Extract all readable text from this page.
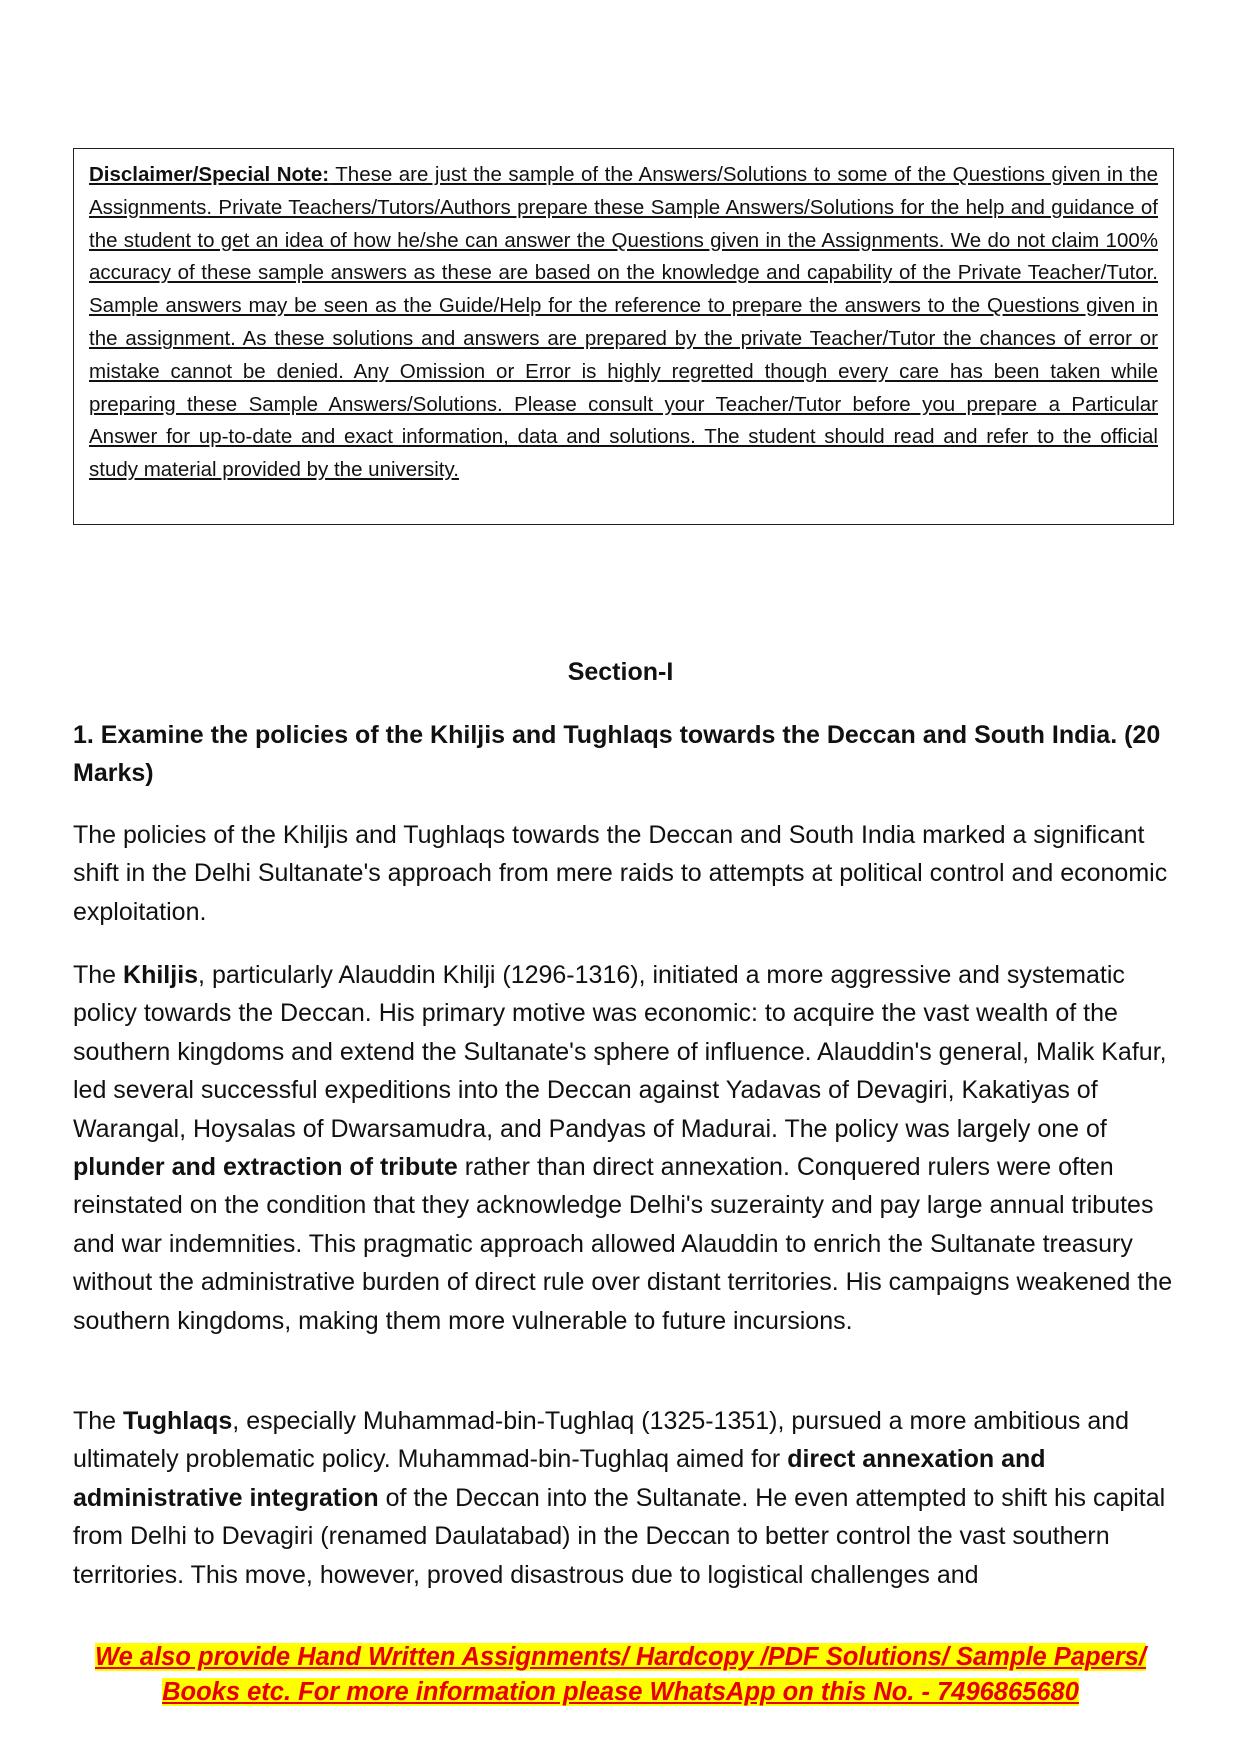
Disclaimer/Special Note: These are just the sample of the Answers/Solutions to some of the Questions given in the Assignments. Private Teachers/Tutors/Authors prepare these Sample Answers/Solutions for the help and guidance of the student to get an idea of how he/she can answer the Questions given in the Assignments. We do not claim 100% accuracy of these sample answers as these are based on the knowledge and capability of the Private Teacher/Tutor. Sample answers may be seen as the Guide/Help for the reference to prepare the answers to the Questions given in the assignment. As these solutions and answers are prepared by the private Teacher/Tutor the chances of error or mistake cannot be denied. Any Omission or Error is highly regretted though every care has been taken while preparing these Sample Answers/Solutions. Please consult your Teacher/Tutor before you prepare a Particular Answer for up-to-date and exact information, data and solutions. The student should read and refer to the official study material provided by the university.
Section-I
1. Examine the policies of the Khiljis and Tughlaqs towards the Deccan and South India. (20 Marks)
The policies of the Khiljis and Tughlaqs towards the Deccan and South India marked a significant shift in the Delhi Sultanate's approach from mere raids to attempts at political control and economic exploitation.
The Khiljis, particularly Alauddin Khilji (1296-1316), initiated a more aggressive and systematic policy towards the Deccan. His primary motive was economic: to acquire the vast wealth of the southern kingdoms and extend the Sultanate's sphere of influence. Alauddin's general, Malik Kafur, led several successful expeditions into the Deccan against Yadavas of Devagiri, Kakatiyas of Warangal, Hoysalas of Dwarsamudra, and Pandyas of Madurai. The policy was largely one of plunder and extraction of tribute rather than direct annexation. Conquered rulers were often reinstated on the condition that they acknowledge Delhi's suzerainty and pay large annual tributes and war indemnities. This pragmatic approach allowed Alauddin to enrich the Sultanate treasury without the administrative burden of direct rule over distant territories. His campaigns weakened the southern kingdoms, making them more vulnerable to future incursions.
The Tughlaqs, especially Muhammad-bin-Tughlaq (1325-1351), pursued a more ambitious and ultimately problematic policy. Muhammad-bin-Tughlaq aimed for direct annexation and administrative integration of the Deccan into the Sultanate. He even attempted to shift his capital from Delhi to Devagiri (renamed Daulatabad) in the Deccan to better control the vast southern territories. This move, however, proved disastrous due to logistical challenges and
We also provide Hand Written Assignments/ Hardcopy /PDF Solutions/ Sample Papers/
Books etc. For more information please WhatsApp on this No. - 7496865680
